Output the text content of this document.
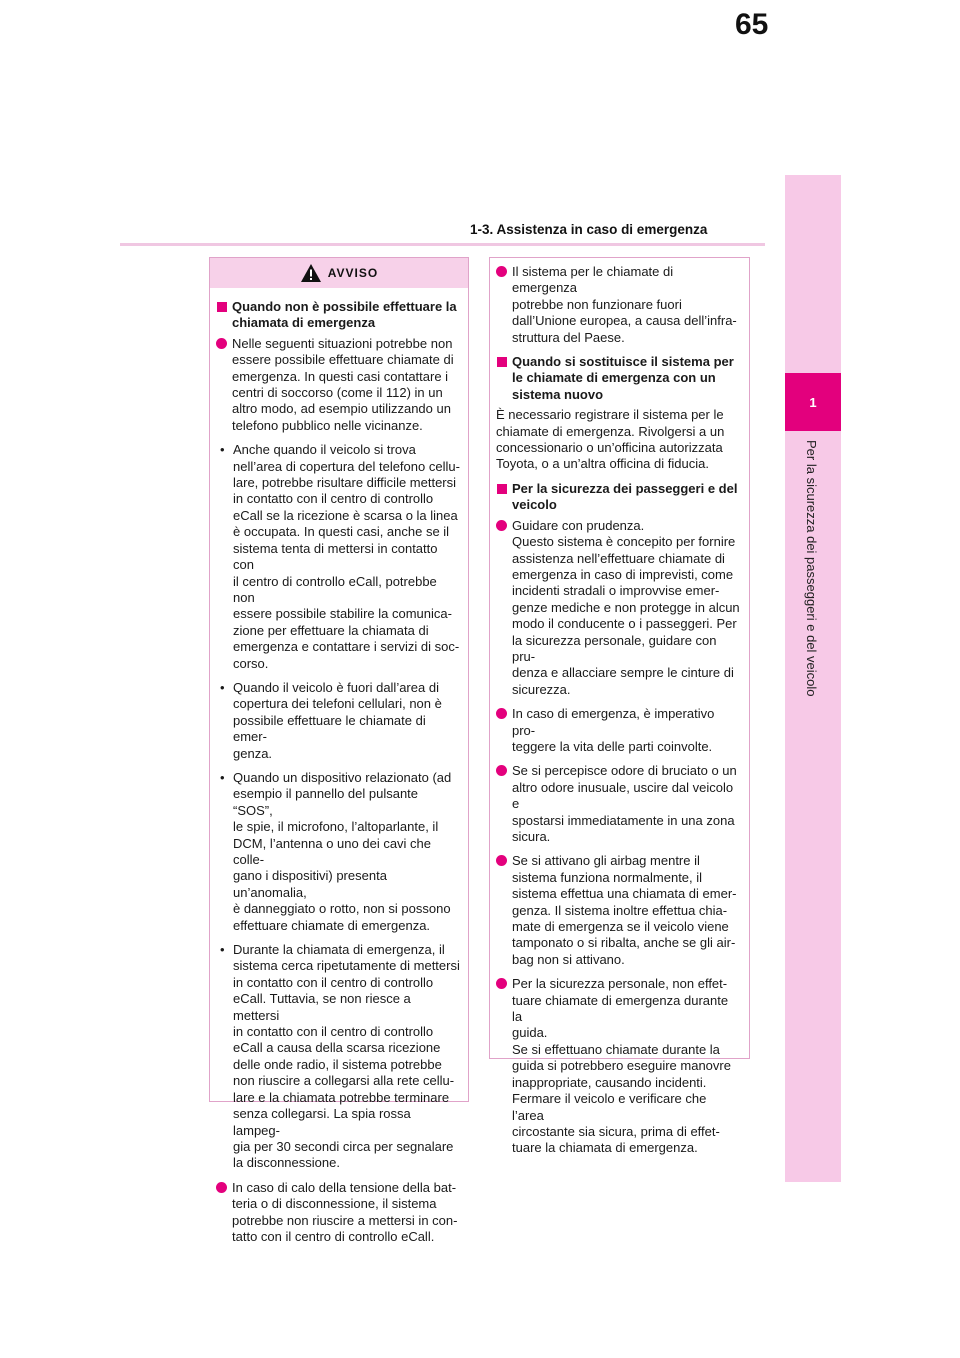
65
1-3. Assistenza in caso di emergenza
1
Per la sicurezza dei passeggeri e del veicolo
AVVISO
Quando non è possibile effettuare la
chiamata di emergenza
Nelle seguenti situazioni potrebbe non
essere possibile effettuare chiamate di
emergenza. In questi casi contattare i
centri di soccorso (come il 112) in un
altro modo, ad esempio utilizzando un
telefono pubblico nelle vicinanze.
• Anche quando il veicolo si trova
nell’area di copertura del telefono cellu-
lare, potrebbe risultare difficile mettersi
in contatto con il centro di controllo
eCall se la ricezione è scarsa o la linea
è occupata. In questi casi, anche se il
sistema tenta di mettersi in contatto con
il centro di controllo eCall, potrebbe non
essere possibile stabilire la comunica-
zione per effettuare la chiamata di
emergenza e contattare i servizi di soc-
corso.
• Quando il veicolo è fuori dall’area di
copertura dei telefoni cellulari, non è
possibile effettuare le chiamate di emer-
genza.
• Quando un dispositivo relazionato (ad
esempio il pannello del pulsante “SOS”,
le spie, il microfono, l’altoparlante, il
DCM, l’antenna o uno dei cavi che colle-
gano i dispositivi) presenta un’anomalia,
è danneggiato o rotto, non si possono
effettuare chiamate di emergenza.
• Durante la chiamata di emergenza, il
sistema cerca ripetutamente di mettersi
in contatto con il centro di controllo
eCall. Tuttavia, se non riesce a mettersi
in contatto con il centro di controllo
eCall a causa della scarsa ricezione
delle onde radio, il sistema potrebbe
non riuscire a collegarsi alla rete cellu-
lare e la chiamata potrebbe terminare
senza collegarsi. La spia rossa lampeg-
gia per 30 secondi circa per segnalare
la disconnessione.
In caso di calo della tensione della bat-
teria o di disconnessione, il sistema
potrebbe non riuscire a mettersi in con-
tatto con il centro di controllo eCall.
Il sistema per le chiamate di emergenza
potrebbe non funzionare fuori
dall’Unione europea, a causa dell’infra-
struttura del Paese.
Quando si sostituisce il sistema per
le chiamate di emergenza con un
sistema nuovo
È necessario registrare il sistema per le
chiamate di emergenza. Rivolgersi a un
concessionario o un’officina autorizzata
Toyota, o a un’altra officina di fiducia.
Per la sicurezza dei passeggeri e del
veicolo
Guidare con prudenza.
Questo sistema è concepito per fornire
assistenza nell’effettuare chiamate di
emergenza in caso di imprevisti, come
incidenti stradali o improvvise emer-
genze mediche e non protegge in alcun
modo il conducente o i passeggeri. Per
la sicurezza personale, guidare con pru-
denza e allacciare sempre le cinture di
sicurezza.
In caso di emergenza, è imperativo pro-
teggere la vita delle parti coinvolte.
Se si percepisce odore di bruciato o un
altro odore inusuale, uscire dal veicolo e
spostarsi immediatamente in una zona
sicura.
Se si attivano gli airbag mentre il
sistema funziona normalmente, il
sistema effettua una chiamata di emer-
genza. Il sistema inoltre effettua chia-
mate di emergenza se il veicolo viene
tamponato o si ribalta, anche se gli air-
bag non si attivano.
Per la sicurezza personale, non effet-
tuare chiamate di emergenza durante la
guida.
Se si effettuano chiamate durante la
guida si potrebbero eseguire manovre
inappropriate, causando incidenti.
Fermare il veicolo e verificare che l’area
circostante sia sicura, prima di effet-
tuare la chiamata di emergenza.
